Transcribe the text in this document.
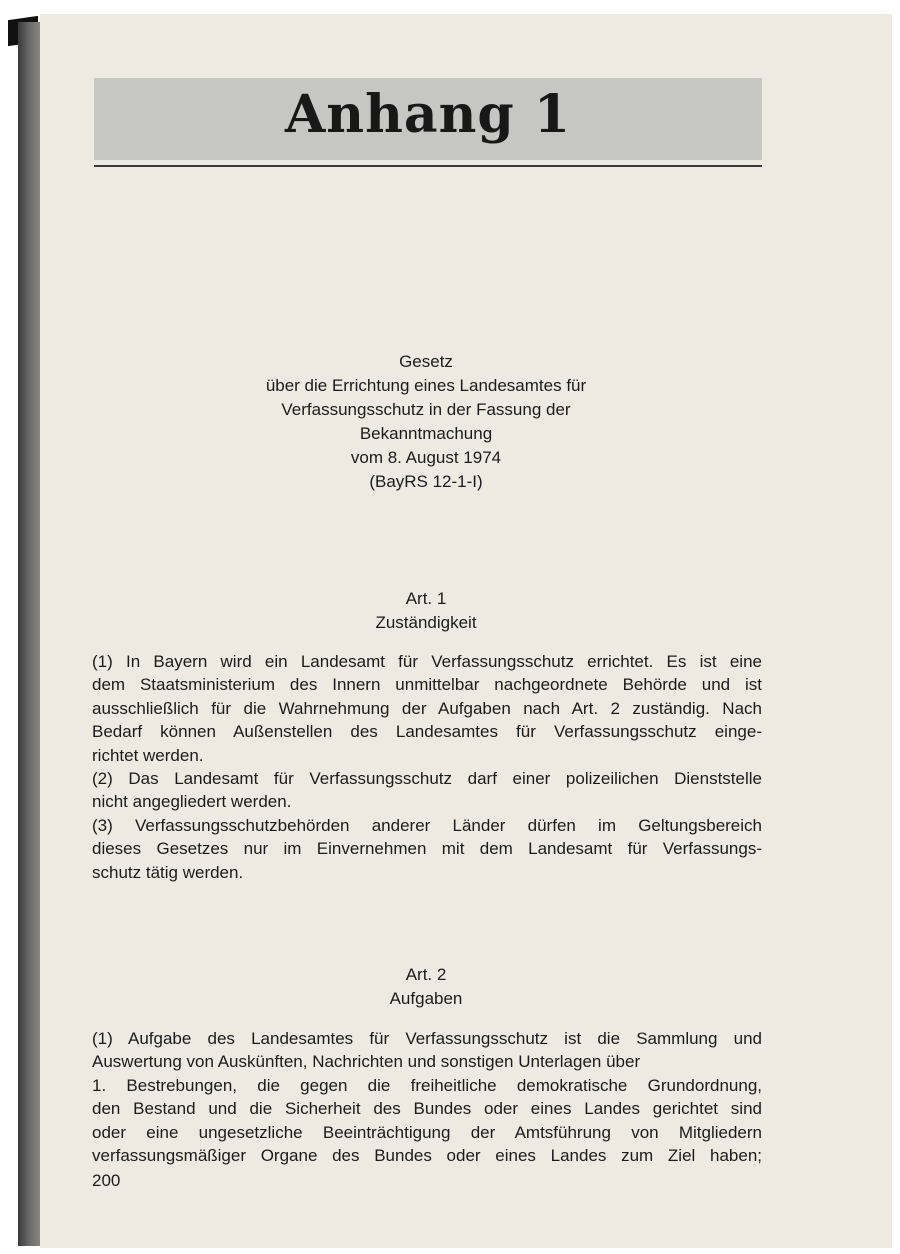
Anhang 1
Gesetz
über die Errichtung eines Landesamtes für
Verfassungsschutz in der Fassung der
Bekanntmachung
vom 8. August 1974
(BayRS 12-1-I)
Art. 1
Zuständigkeit
(1) In Bayern wird ein Landesamt für Verfassungsschutz errichtet. Es ist eine
dem Staatsministerium des Innern unmittelbar nachgeordnete Behörde und ist
ausschließlich für die Wahrnehmung der Aufgaben nach Art. 2 zuständig. Nach
Bedarf können Außenstellen des Landesamtes für Verfassungsschutz einge-
richtet werden.
(2) Das Landesamt für Verfassungsschutz darf einer polizeilichen Dienststelle
nicht angegliedert werden.
(3) Verfassungsschutzbehörden anderer Länder dürfen im Geltungsbereich
dieses Gesetzes nur im Einvernehmen mit dem Landesamt für Verfassungs-
schutz tätig werden.
Art. 2
Aufgaben
(1) Aufgabe des Landesamtes für Verfassungsschutz ist die Sammlung und
Auswertung von Auskünften, Nachrichten und sonstigen Unterlagen über
1. Bestrebungen, die gegen die freiheitliche demokratische Grundordnung,
den Bestand und die Sicherheit des Bundes oder eines Landes gerichtet sind
oder eine ungesetzliche Beeinträchtigung der Amtsführung von Mitgliedern
verfassungsmäßiger Organe des Bundes oder eines Landes zum Ziel haben;
200
